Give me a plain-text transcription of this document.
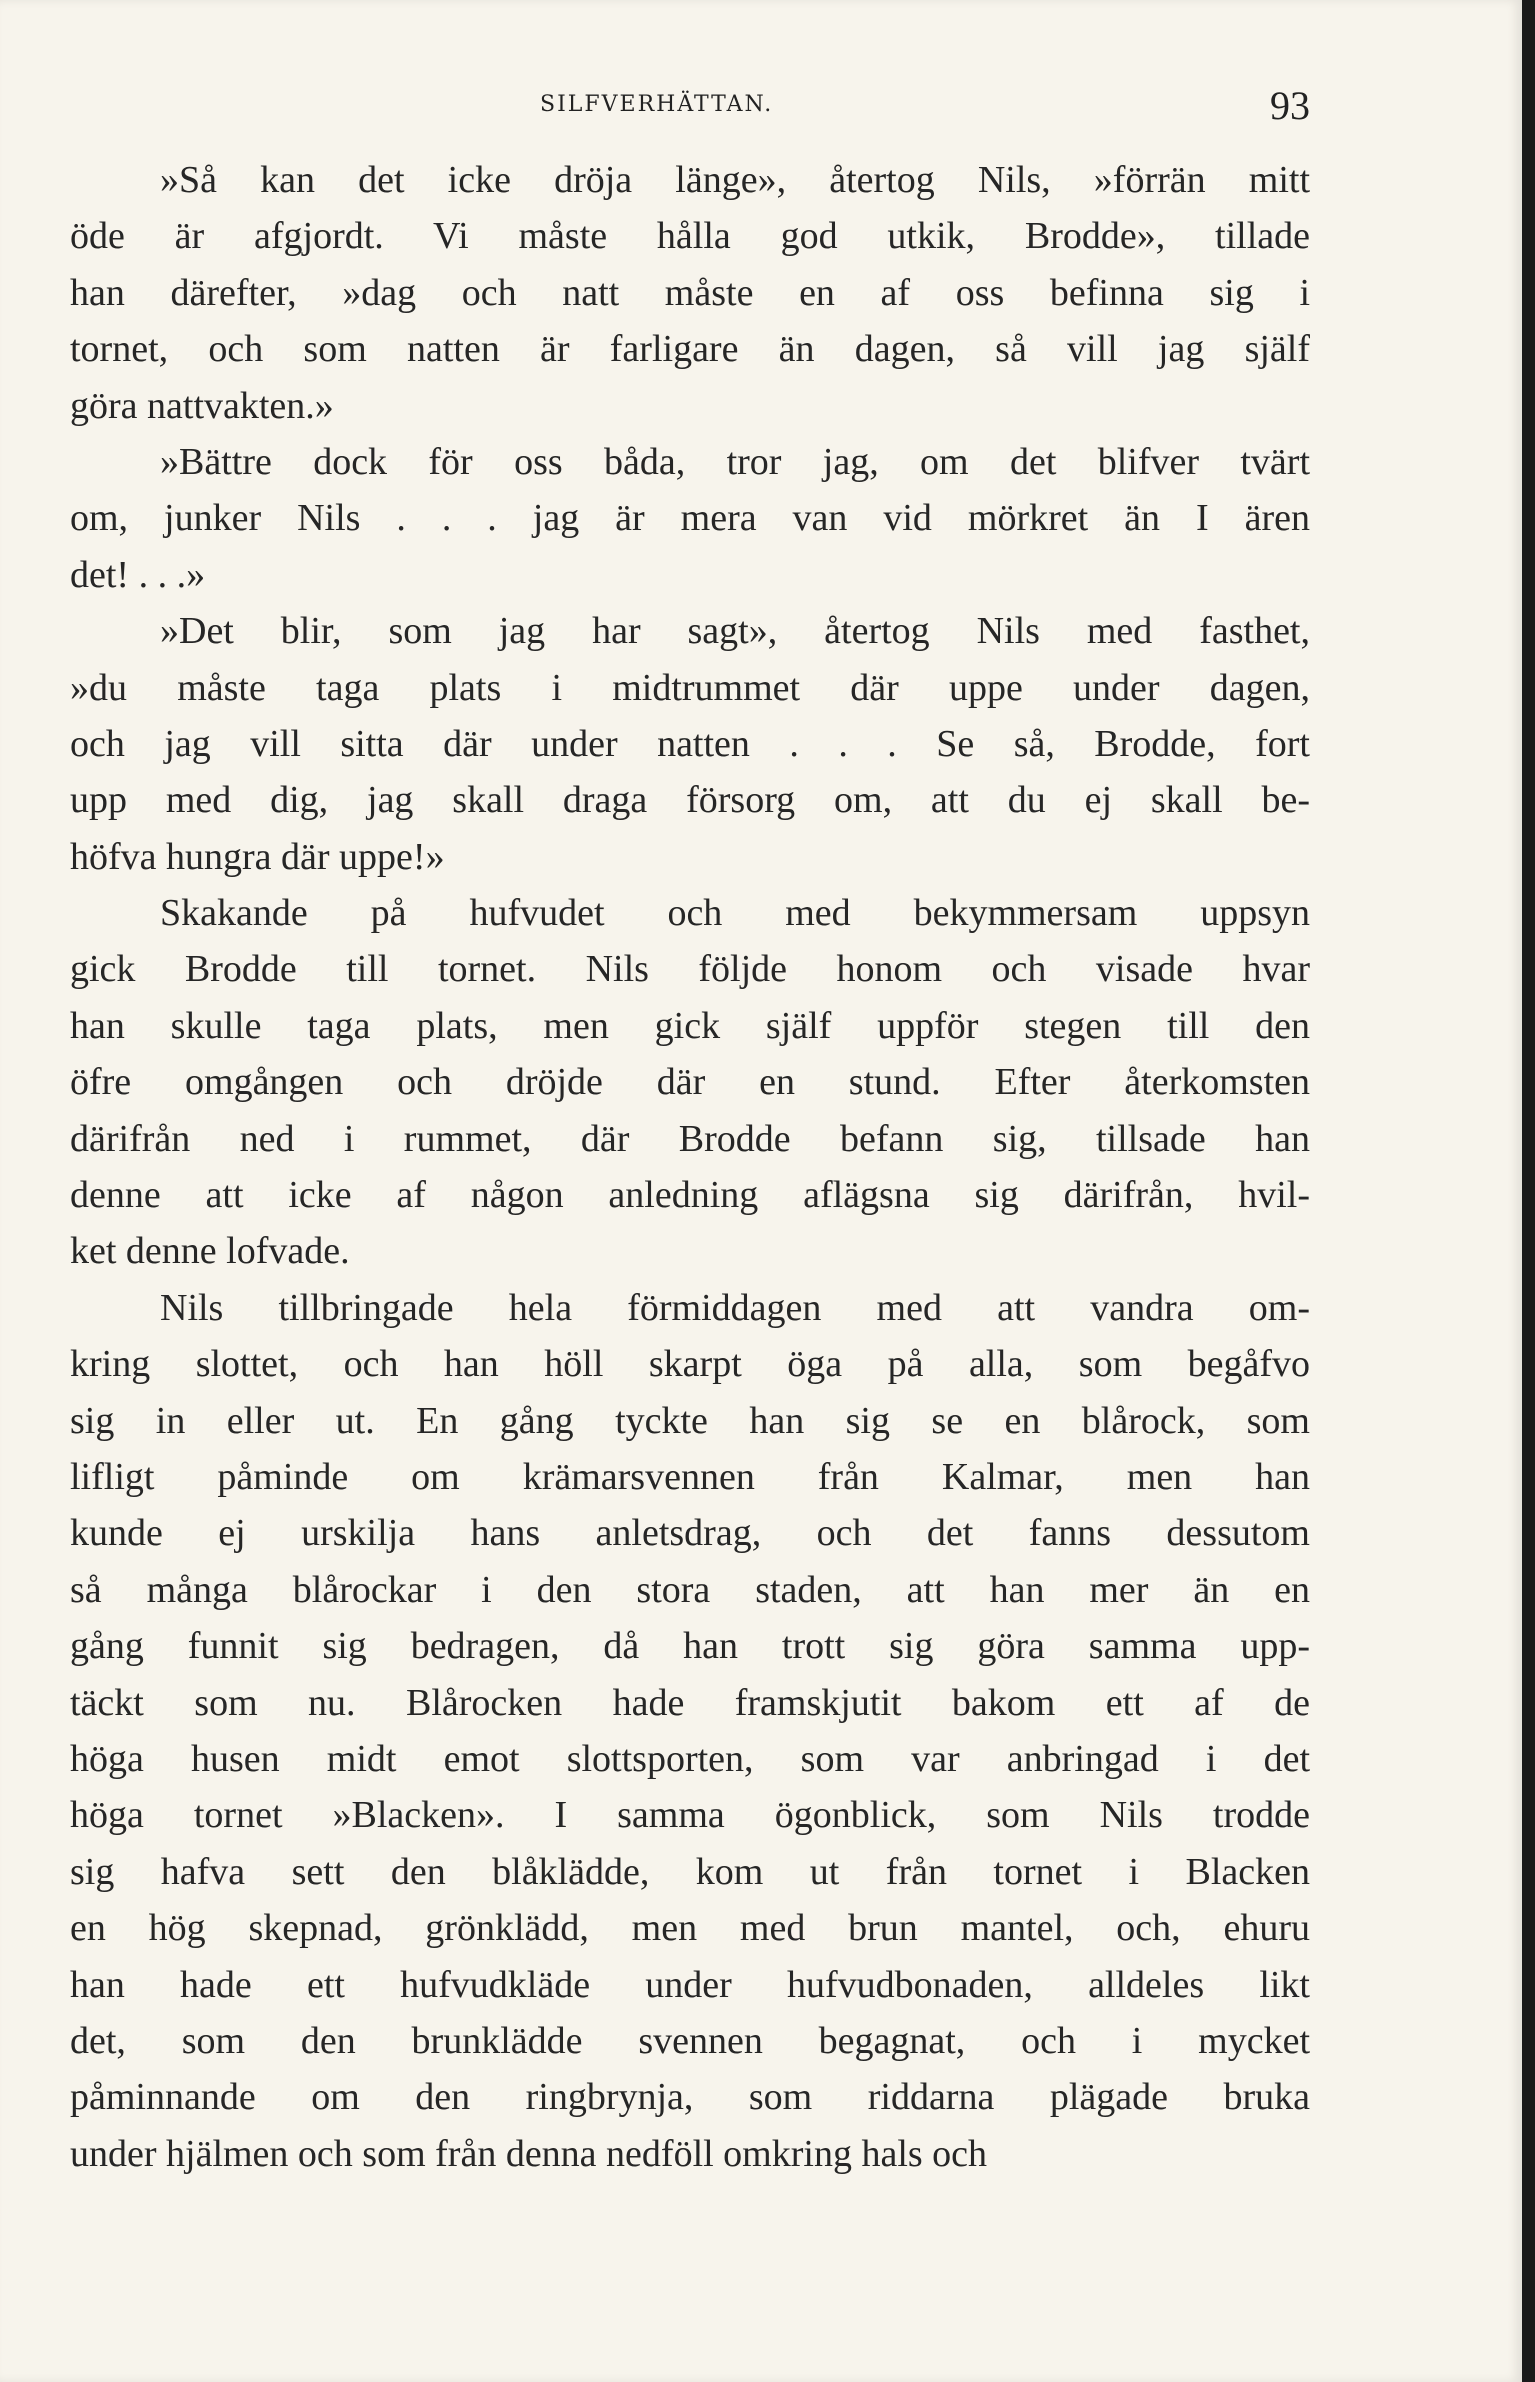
SILFVERHÄTTAN.	93
»Så kan det icke dröja länge», återtog Nils, »förrän mitt
öde är afgjordt. Vi måste hålla god utkik, Brodde», tillade
han därefter, »dag och natt måste en af oss befinna sig i
tornet, och som natten är farligare än dagen, så vill jag själf
göra nattvakten.»
»Bättre dock för oss båda, tror jag, om det blifver tvärt
om, junker Nils . . . jag är mera van vid mörkret än I ären
det! . . .»
»Det blir, som jag har sagt», återtog Nils med fasthet,
»du måste taga plats i midtrummet där uppe under dagen,
och jag vill sitta där under natten . . . Se så, Brodde, fort
upp med dig, jag skall draga försorg om, att du ej skall be-
höfva hungra där uppe!»
Skakande på hufvudet och med bekymmersam uppsyn
gick Brodde till tornet. Nils följde honom och visade hvar
han skulle taga plats, men gick själf uppför stegen till den
öfre omgången och dröjde där en stund. Efter återkomsten
därifrån ned i rummet, där Brodde befann sig, tillsade han
denne att icke af någon anledning aflägsna sig därifrån, hvil-
ket denne lofvade.
Nils tillbringade hela förmiddagen med att vandra om-
kring slottet, och han höll skarpt öga på alla, som begåfvo
sig in eller ut. En gång tyckte han sig se en blårock, som
lifligt påminde om krämarsvennen från Kalmar, men han
kunde ej urskilja hans anletsdrag, och det fanns dessutom
så många blårockar i den stora staden, att han mer än en
gång funnit sig bedragen, då han trott sig göra samma upp-
täckt som nu. Blårocken hade framskjutit bakom ett af de
höga husen midt emot slottsporten, som var anbringad i det
höga tornet »Blacken». I samma ögonblick, som Nils trodde
sig hafva sett den blåklädde, kom ut från tornet i Blacken
en hög skepnad, grönklädd, men med brun mantel, och, ehuru
han hade ett hufvudkläde under hufvudbonaden, alldeles likt
det, som den brunklädde svennen begagnat, och i mycket
påminnande om den ringbrynja, som riddarna plägade bruka
under hjälmen och som från denna nedföll omkring hals och
